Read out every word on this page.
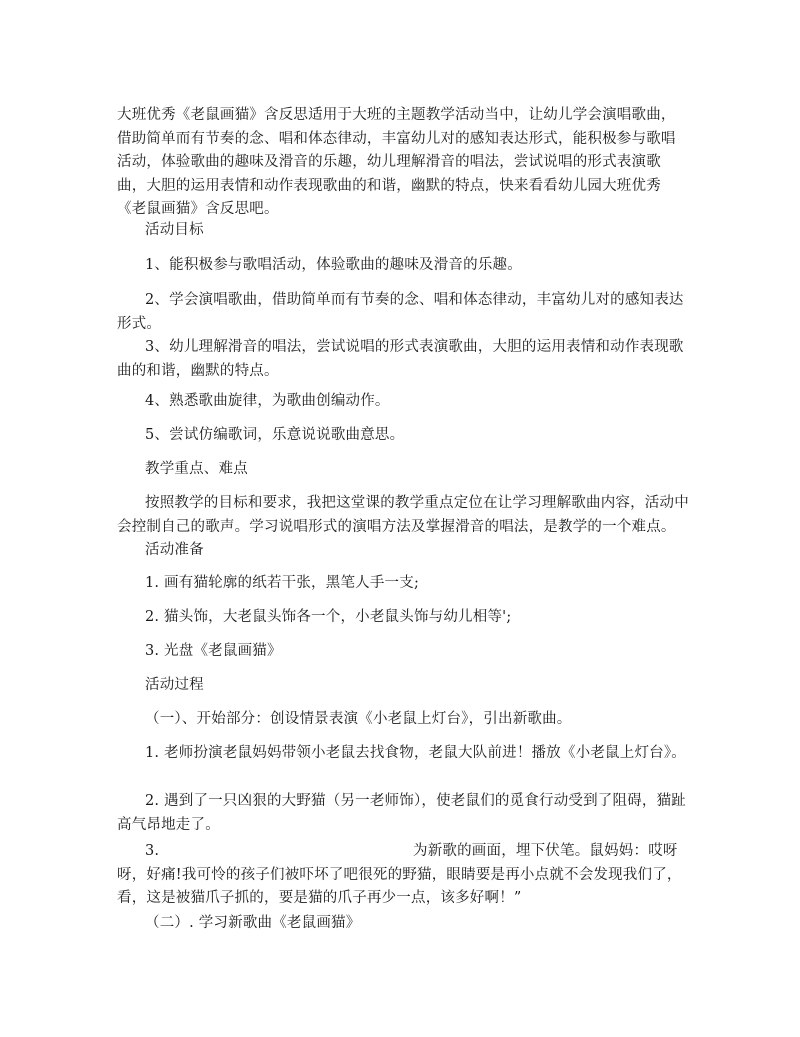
大班优秀《老鼠画猫》含反思适用于大班的主题教学活动当中，让幼儿学会演唱歌曲，借助简单而有节奏的念、唱和体态律动，丰富幼儿对的感知表达形式，能积极参与歌唱活动，体验歌曲的趣味及滑音的乐趣，幼儿理解滑音的唱法，尝试说唱的形式表演歌曲，大胆的运用表情和动作表现歌曲的和谐，幽默的特点，快来看看幼儿园大班优秀《老鼠画猫》含反思吧。

活动目标

1、能积极参与歌唱活动，体验歌曲的趣味及滑音的乐趣。

2、学会演唱歌曲，借助简单而有节奏的念、唱和体态律动，丰富幼儿对的感知表达形式。

3、幼儿理解滑音的唱法，尝试说唱的形式表演歌曲，大胆的运用表情和动作表现歌曲的和谐，幽默的特点。

4、熟悉歌曲旋律，为歌曲创编动作。

5、尝试仿编歌词，乐意说说歌曲意思。

教学重点、难点

按照教学的目标和要求，我把这堂课的教学重点定位在让学习理解歌曲内容，活动中会控制自己的歌声。学习说唱形式的演唱方法及掌握滑音的唱法，是教学的一个难点。

活动准备

1. 画有猫轮廓的纸若干张，黑笔人手一支;

2. 猫头饰，大老鼠头饰各一个，小老鼠头饰与幼儿相等';

3. 光盘《老鼠画猫》

活动过程

（一）、开始部分：创设情景表演《小老鼠上灯台》，引出新歌曲。

1. 老师扮演老鼠妈妈带领小老鼠去找食物，老鼠大队前进！播放《小老鼠上灯台》。

2. 遇到了一只凶狠的大野猫（另一老师饰），使老鼠们的觅食行动受到了阻碍，猫趾高气昂地走了。

3.	为新歌的画面，埋下伏笔。鼠妈妈：哎呀呀，好痛!我可怜的孩子们被吓坏了吧很死的野猫，眼睛要是再小点就不会发现我们了，看，这是被猫爪子抓的，要是猫的爪子再少一点，该多好啊！”

（二）. 学习新歌曲《老鼠画猫》
